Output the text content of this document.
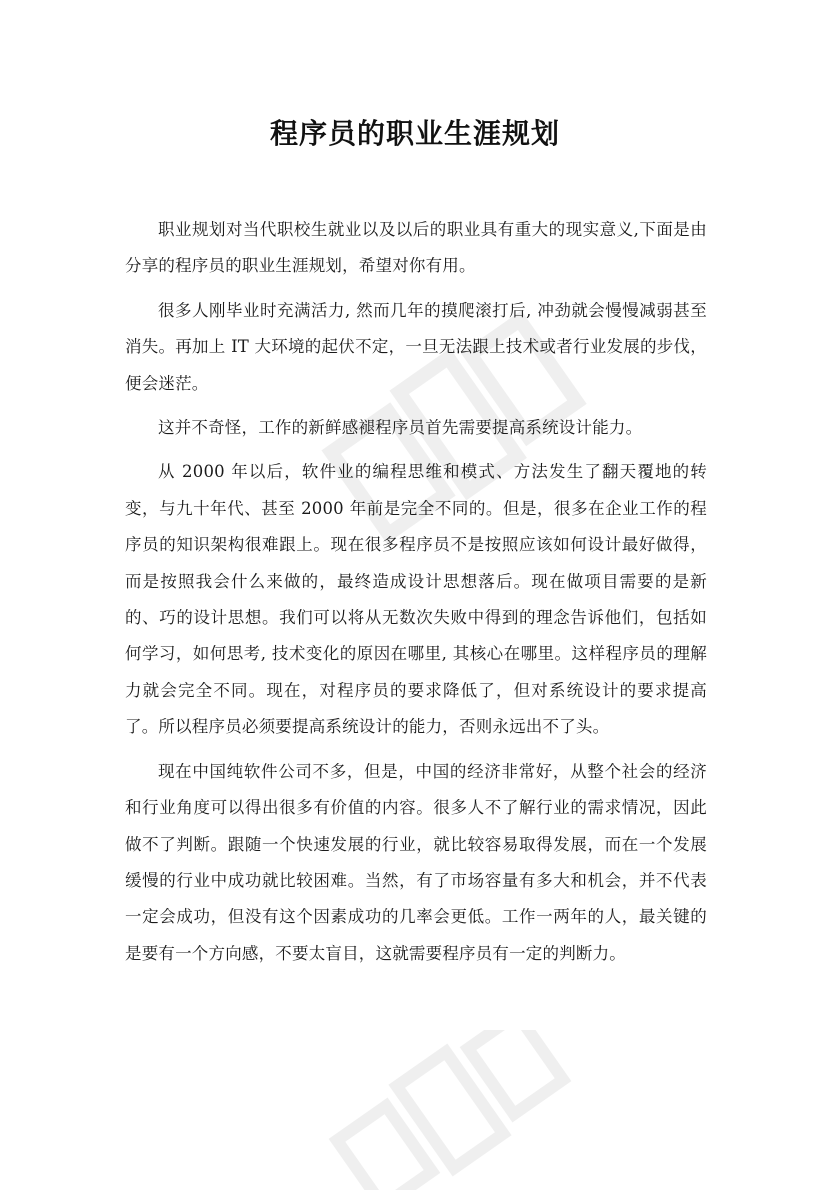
程序员的职业生涯规划

职业规划对当代职校生就业以及以后的职业具有重大的现实意义,下面是由分享的程序员的职业生涯规划，希望对你有用。

很多人刚毕业时充满活力, 然而几年的摸爬滚打后, 冲劲就会慢慢减弱甚至消失。再加上 IT 大环境的起伏不定，一旦无法跟上技术或者行业发展的步伐，便会迷茫。

这并不奇怪，工作的新鲜感褪程序员首先需要提高系统设计能力。

从 2000 年以后，软件业的编程思维和模式、方法发生了翻天覆地的转变，与九十年代、甚至 2000 年前是完全不同的。但是，很多在企业工作的程序员的知识架构很难跟上。现在很多程序员不是按照应该如何设计最好做得，而是按照我会什么来做的，最终造成设计思想落后。现在做项目需要的是新的、巧的设计思想。我们可以将从无数次失败中得到的理念告诉他们，包括如何学习，如何思考, 技术变化的原因在哪里, 其核心在哪里。这样程序员的理解力就会完全不同。现在，对程序员的要求降低了，但对系统设计的要求提高了。所以程序员必须要提高系统设计的能力，否则永远出不了头。

现在中国纯软件公司不多，但是，中国的经济非常好，从整个社会的经济和行业角度可以得出很多有价值的内容。很多人不了解行业的需求情况，因此做不了判断。跟随一个快速发展的行业，就比较容易取得发展，而在一个发展缓慢的行业中成功就比较困难。当然，有了市场容量有多大和机会，并不代表一定会成功，但没有这个因素成功的几率会更低。工作一两年的人，最关键的是要有一个方向感，不要太盲目，这就需要程序员有一定的判断力。
